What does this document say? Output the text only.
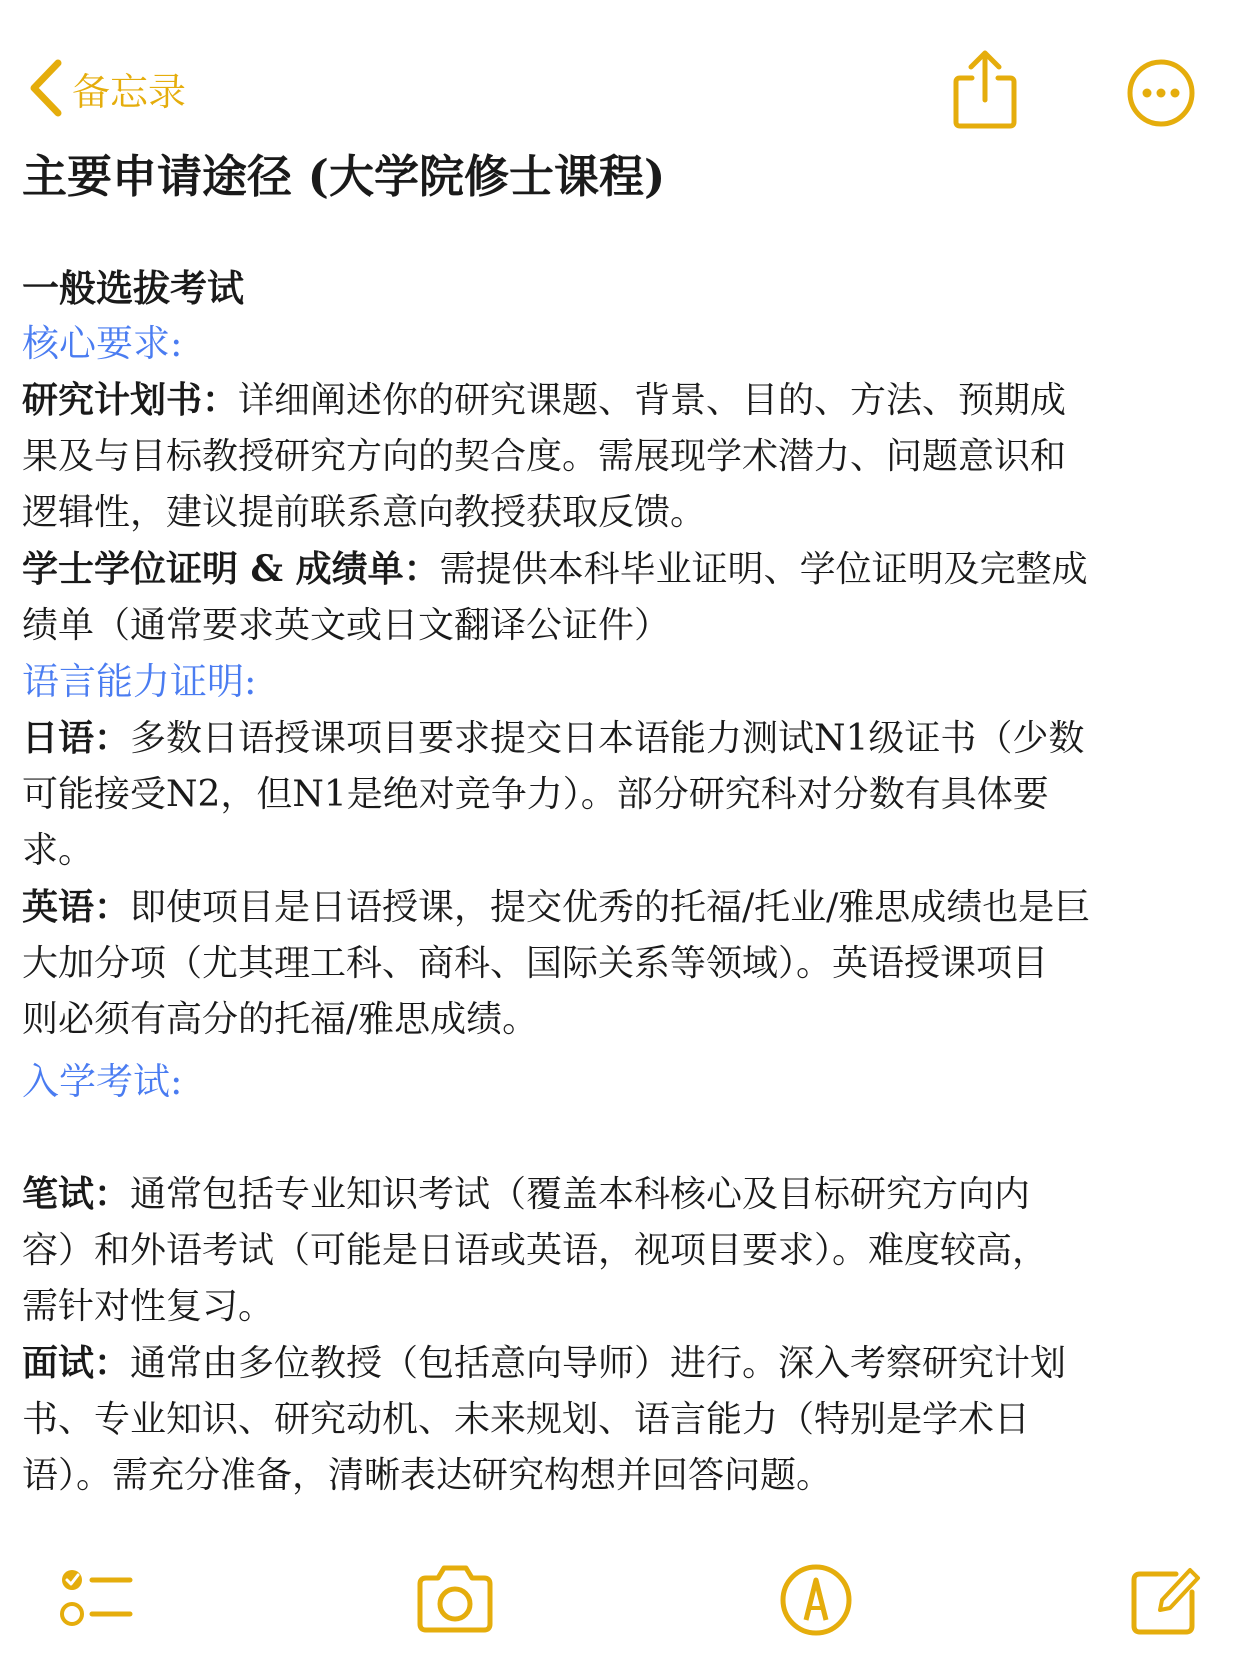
备忘录
主要申请途径 (大学院修士课程)
一般选拔考试
核心要求:

研究计划书：详细阐述你的研究课题、背景、目的、方法、预期成

果及与目标教授研究方向的契合度。需展现学术潜力、问题意识和

逻辑性，建议提前联系意向教授获取反馈。

学士学位证明 & 成绩单：需提供本科毕业证明、学位证明及完整成

绩单（通常要求英文或日文翻译公证件）

语言能力证明:

日语：多数日语授课项目要求提交日本语能力测试N1级证书（少数

可能接受N2，但N1是绝对竞争力）。部分研究科对分数有具体要

求。

英语：即使项目是日语授课，提交优秀的托福/托业/雅思成绩也是巨

大加分项（尤其理工科、商科、国际关系等领域）。英语授课项目

则必须有高分的托福/雅思成绩。

入学考试:

笔试：通常包括专业知识考试（覆盖本科核心及目标研究方向内

容）和外语考试（可能是日语或英语，视项目要求）。难度较高，

需针对性复习。

面试：通常由多位教授（包括意向导师）进行。深入考察研究计划

书、专业知识、研究动机、未来规划、语言能力（特别是学术日

语）。需充分准备，清晰表达研究构想并回答问题。
